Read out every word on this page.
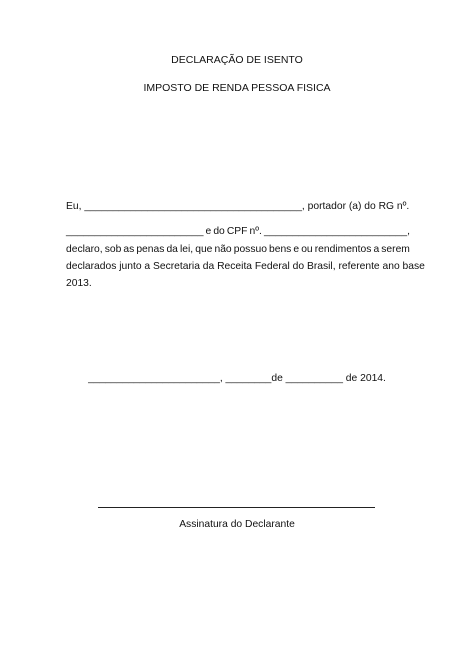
DECLARAÇÃO DE ISENTO
IMPOSTO DE RENDA PESSOA FISICA
Eu, ______________________________________, portador (a) do RG nº.
________________________ e do CPF nº. _________________________,
declaro, sob as penas da lei, que não possuo bens e ou rendimentos a serem
declarados junto a Secretaria da Receita Federal do Brasil, referente ano base
2013.
_______________________, ________de __________ de 2014.
Assinatura do Declarante
